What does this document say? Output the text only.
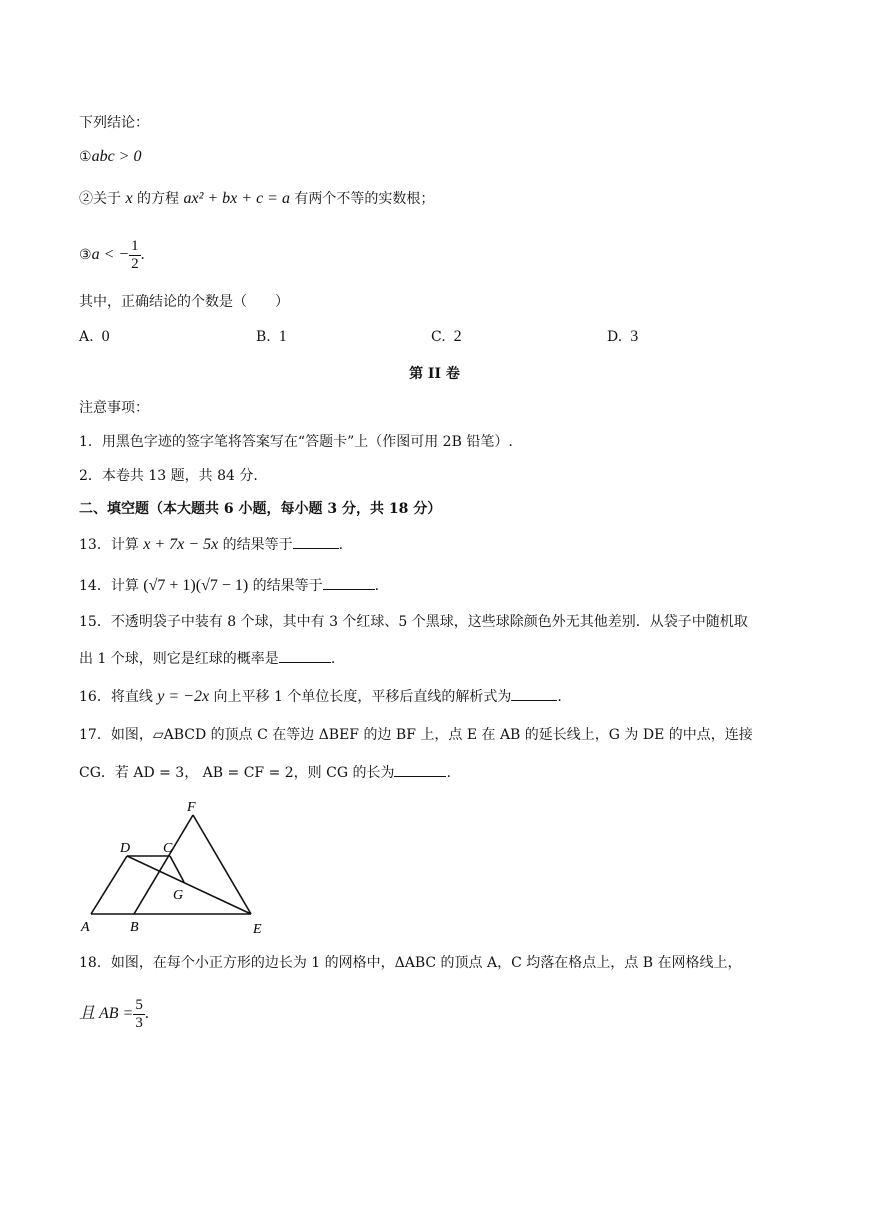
下列结论：
①abc > 0
②关于 x 的方程 ax² + bx + c = a 有两个不等的实数根；
③a < − $\frac{1}{2}$ .
其中，正确结论的个数是（　　）
A. 0	B. 1	C. 2	D. 3
第 II 卷
注意事项：
1．用黑色字迹的签字笔将答案写在“答题卡”上（作图可用 2B 铅笔）.
2．本卷共 13 题，共 84 分.
二、填空题（本大题共 6 小题，每小题 3 分，共 18 分）
13．计算 x + 7x − 5x 的结果等于	.
14．计算 (√7 + 1)(√7 − 1) 的结果等于	.
15．不透明袋子中装有 8 个球，其中有 3 个红球、5 个黑球，这些球除颜色外无其他差别．从袋子中随机取
出 1 个球，则它是红球的概率是	.
16．将直线 y = −2x 向上平移 1 个单位长度，平移后直线的解析式为	.
17．如图，▱ABCD 的顶点 C 在等边 ΔBEF 的边 BF 上，点 E 在 AB 的延长线上，G 为 DE 的中点，连接
CG．若 AD = 3， AB = CF = 2，则 CG 的长为	.
A	B	E
D C
F
G
18．如图，在每个小正方形的边长为 1 的网格中，ΔABC 的顶点 A，C 均落在格点上，点 B 在网格线上，
且 AB = $\frac{5}{3}$ .
